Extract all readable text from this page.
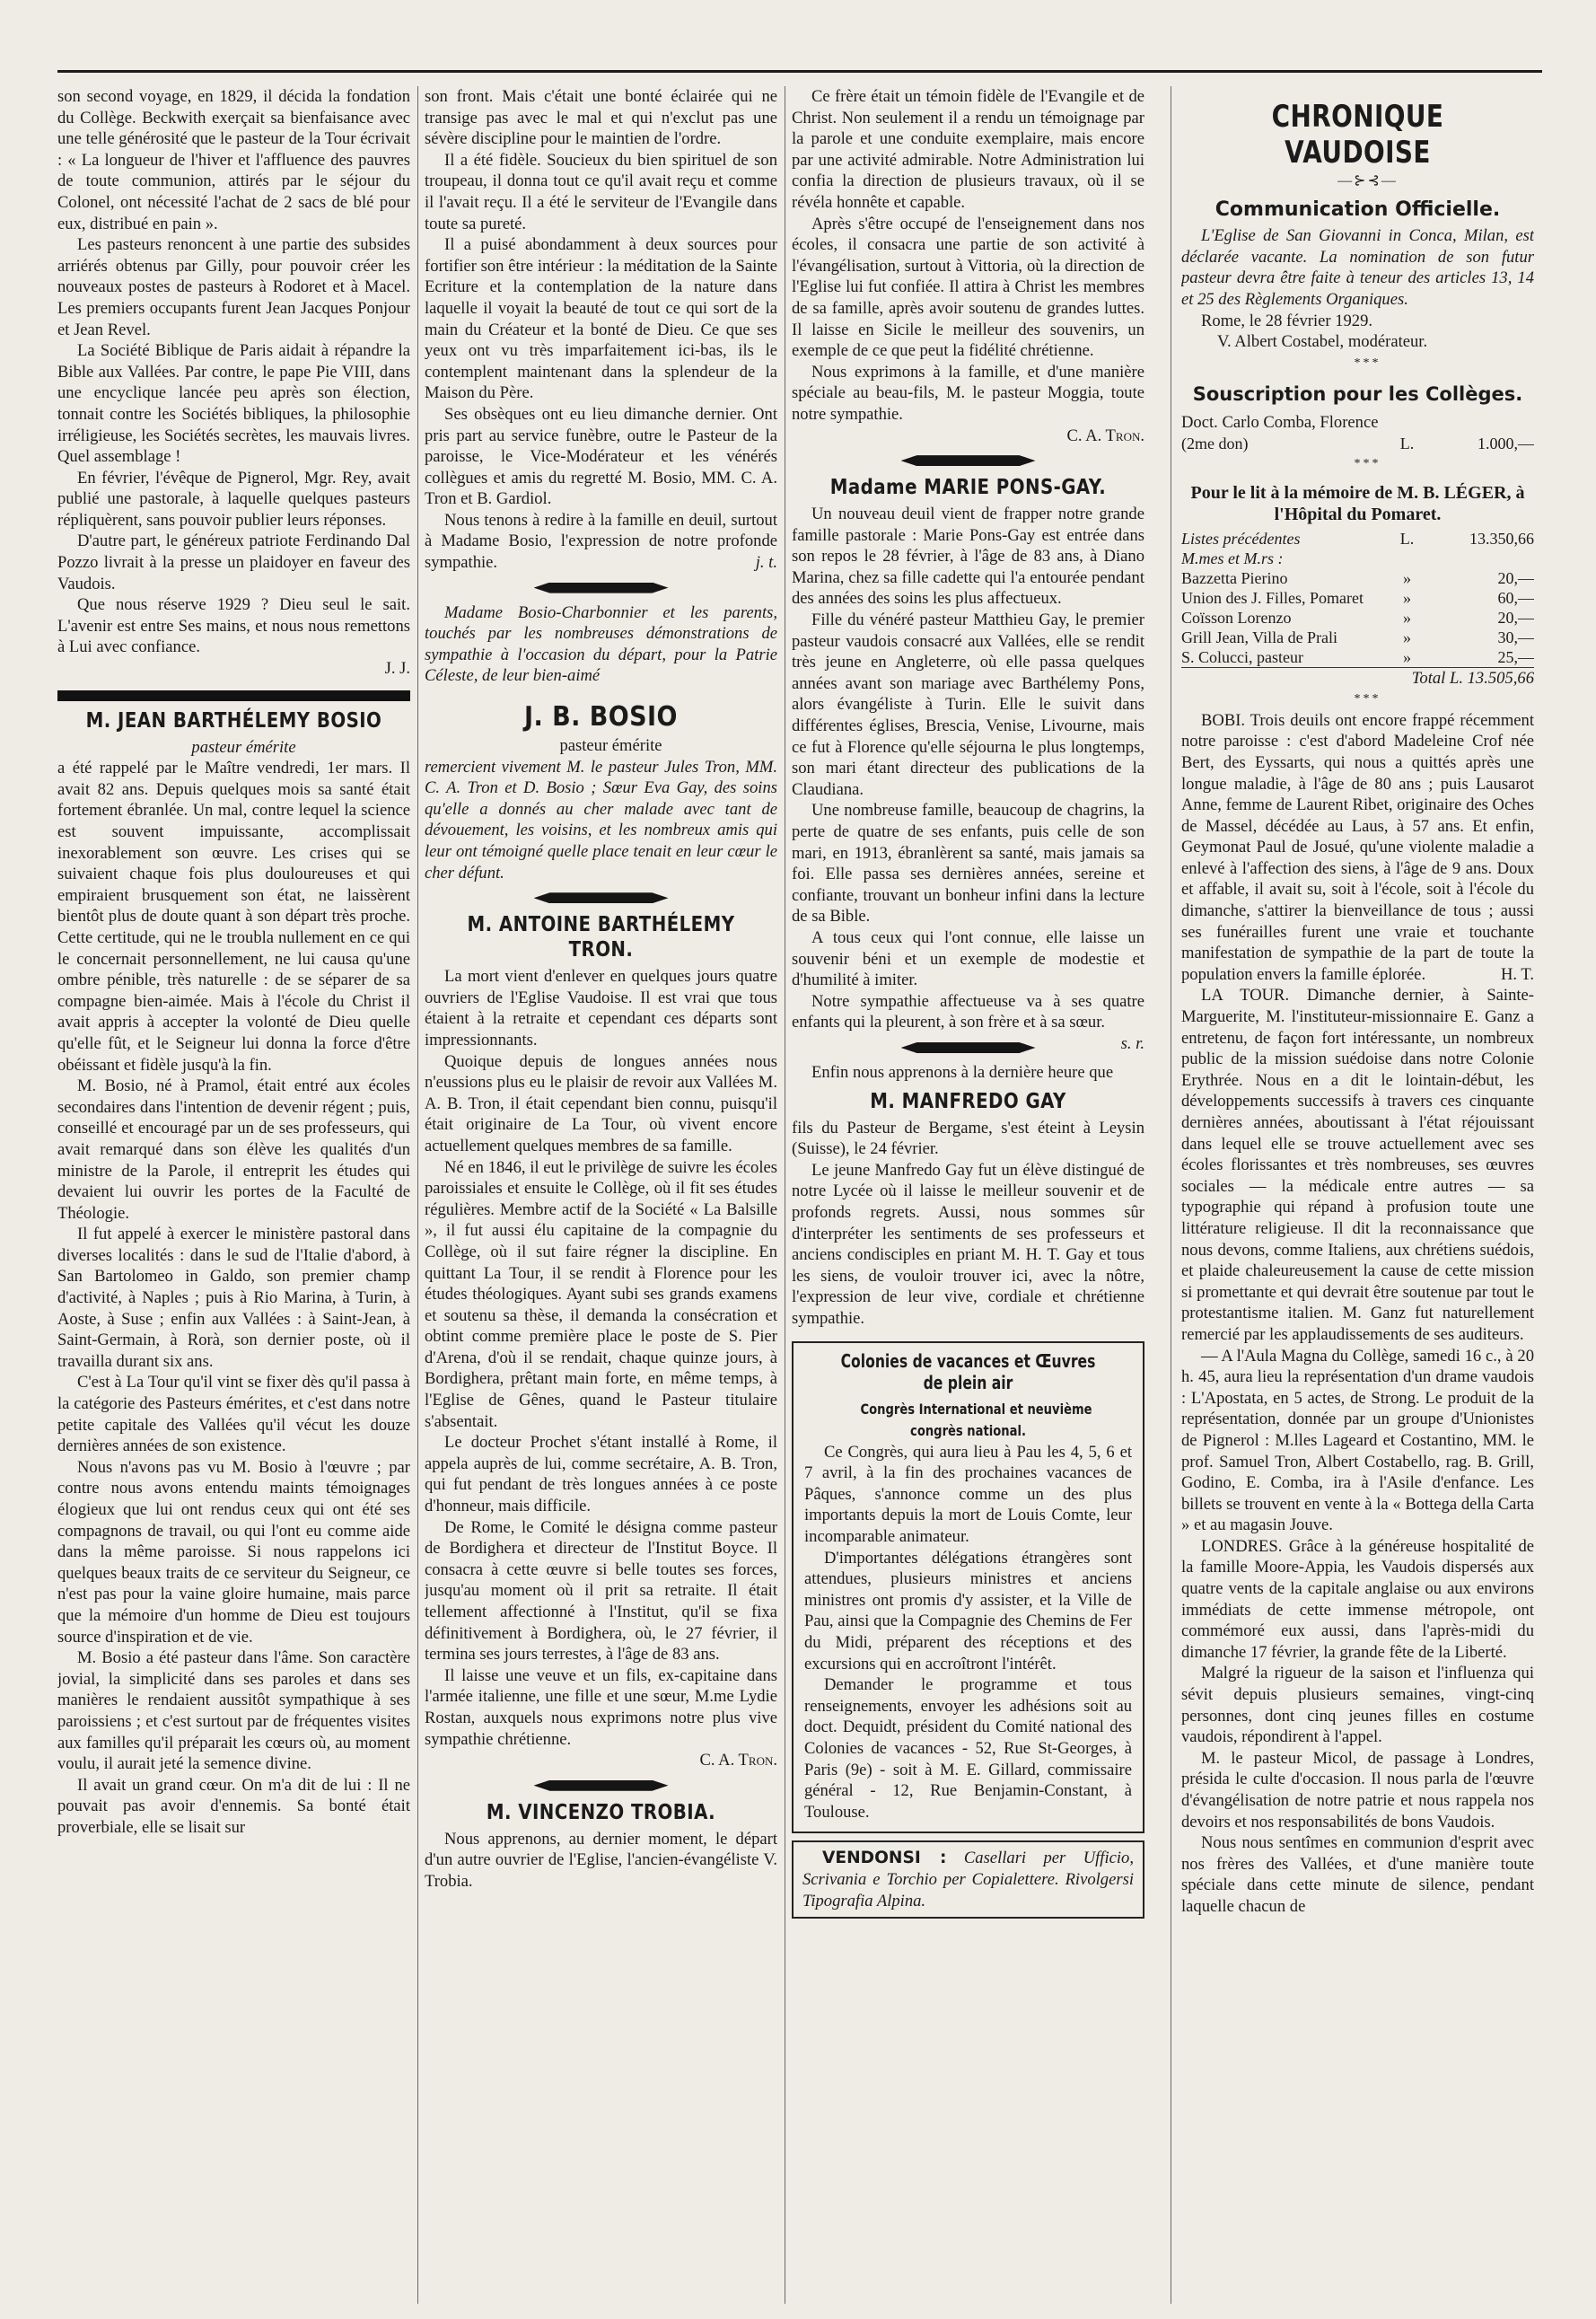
son second voyage, en 1829, il décida la fondation du Collège. Beckwith exerçait sa bienfaisance avec une telle générosité que le pasteur de la Tour écrivait : « La longueur de l'hiver et l'affluence des pauvres de toute communion, attirés par le séjour du Colonel, ont nécessité l'achat de 2 sacs de blé pour eux, distribué en pain ».

Les pasteurs renoncent à une partie des subsides arriérés obtenus par Gilly, pour pouvoir créer les nouveaux postes de pasteurs à Rodoret et à Macel. Les premiers occupants furent Jean Jacques Ponjour et Jean Revel.

La Société Biblique de Paris aidait à répandre la Bible aux Vallées. Par contre, le pape Pie VIII, dans une encyclique lancée peu après son élection, tonnait contre les Sociétés bibliques, la philosophie irréligieuse, les Sociétés secrètes, les mauvais livres. Quel assemblage !

En février, l'évêque de Pignerol, Mgr. Rey, avait publié une pastorale, à laquelle quelques pasteurs répliquèrent, sans pouvoir publier leurs réponses.

D'autre part, le généreux patriote Ferdinando Dal Pozzo livrait à la presse un plaidoyer en faveur des Vaudois.

Que nous réserve 1929 ? Dieu seul le sait. L'avenir est entre Ses mains, et nous nous remettons à Lui avec confiance.

J. J.

M. JEAN BARTHÉLEMY BOSIO

pasteur émérite

a été rappelé par le Maître vendredi, 1er mars. Il avait 82 ans. Depuis quelques mois sa santé était fortement ébranlée. Un mal, contre lequel la science est souvent impuissante, accomplissait inexorablement son œuvre. Les crises qui se suivaient chaque fois plus douloureuses et qui empiraient brusquement son état, ne laissèrent bientôt plus de doute quant à son départ très proche. Cette certitude, qui ne le troubla nullement en ce qui le concernait personnellement, ne lui causa qu'une ombre pénible, très naturelle : de se séparer de sa compagne bien-aimée. Mais à l'école du Christ il avait appris à accepter la volonté de Dieu quelle qu'elle fût, et le Seigneur lui donna la force d'être obéissant et fidèle jusqu'à la fin.

M. Bosio, né à Pramol, était entré aux écoles secondaires dans l'intention de devenir régent ; puis, conseillé et encouragé par un de ses professeurs, qui avait remarqué dans son élève les qualités d'un ministre de la Parole, il entreprit les études qui devaient lui ouvrir les portes de la Faculté de Théologie.

Il fut appelé à exercer le ministère pastoral dans diverses localités : dans le sud de l'Italie d'abord, à San Bartolomeo in Galdo, son premier champ d'activité, à Naples ; puis à Rio Marina, à Turin, à Aoste, à Suse ; enfin aux Vallées : à Saint-Jean, à Saint-Germain, à Rorà, son dernier poste, où il travailla durant six ans.

C'est à La Tour qu'il vint se fixer dès qu'il passa à la catégorie des Pasteurs émérites, et c'est dans notre petite capitale des Vallées qu'il vécut les douze dernières années de son existence.

Nous n'avons pas vu M. Bosio à l'œuvre ; par contre nous avons entendu maints témoignages élogieux que lui ont rendus ceux qui ont été ses compagnons de travail, ou qui l'ont eu comme aide dans la même paroisse. Si nous rappelons ici quelques beaux traits de ce serviteur du Seigneur, ce n'est pas pour la vaine gloire humaine, mais parce que la mémoire d'un homme de Dieu est toujours source d'inspiration et de vie.

M. Bosio a été pasteur dans l'âme. Son caractère jovial, la simplicité dans ses paroles et dans ses manières le rendaient aussitôt sympathique à ses paroissiens ; et c'est surtout par de fréquentes visites aux familles qu'il préparait les cœurs où, au moment voulu, il aurait jeté la semence divine.

Il avait un grand cœur. On m'a dit de lui : Il ne pouvait pas avoir d'ennemis. Sa bonté était proverbiale, elle se lisait sur

son front. Mais c'était une bonté éclairée qui ne transige pas avec le mal et qui n'exclut pas une sévère discipline pour le maintien de l'ordre.

Il a été fidèle. Soucieux du bien spirituel de son troupeau, il donna tout ce qu'il avait reçu et comme il l'avait reçu. Il a été le serviteur de l'Evangile dans toute sa pureté.

Il a puisé abondamment à deux sources pour fortifier son être intérieur : la méditation de la Sainte Ecriture et la contemplation de la nature dans laquelle il voyait la beauté de tout ce qui sort de la main du Créateur et la bonté de Dieu. Ce que ses yeux ont vu très imparfaitement ici-bas, ils le contemplent maintenant dans la splendeur de la Maison du Père.

Ses obsèques ont eu lieu dimanche dernier. Ont pris part au service funèbre, outre le Pasteur de la paroisse, le Vice-Modérateur et les vénérés collègues et amis du regretté M. Bosio, MM. C. A. Tron et B. Gardiol.

Nous tenons à redire à la famille en deuil, surtout à Madame Bosio, l'expression de notre profonde sympathie.	j. t.

Madame Bosio-Charbonnier et les parents, touchés par les nombreuses démonstrations de sympathie à l'occasion du départ, pour la Patrie Céleste, de leur bien-aimé

J. B. BOSIO

pasteur émérite

remercient vivement M. le pasteur Jules Tron, MM. C. A. Tron et D. Bosio ; Sœur Eva Gay, des soins qu'elle a donnés au cher malade avec tant de dévouement, les voisins, et les nombreux amis qui leur ont témoigné quelle place tenait en leur cœur le cher défunt.

M. ANTOINE BARTHÉLEMY TRON.

La mort vient d'enlever en quelques jours quatre ouvriers de l'Eglise Vaudoise. Il est vrai que tous étaient à la retraite et cependant ces départs sont impressionnants.

Quoique depuis de longues années nous n'eussions plus eu le plaisir de revoir aux Vallées M. A. B. Tron, il était cependant bien connu, puisqu'il était originaire de La Tour, où vivent encore actuellement quelques membres de sa famille.

Né en 1846, il eut le privilège de suivre les écoles paroissiales et ensuite le Collège, où il fit ses études régulières. Membre actif de la Société « La Balsille », il fut aussi élu capitaine de la compagnie du Collège, où il sut faire régner la discipline. En quittant La Tour, il se rendit à Florence pour les études théologiques. Ayant subi ses grands examens et soutenu sa thèse, il demanda la consécration et obtint comme première place le poste de S. Pier d'Arena, d'où il se rendait, chaque quinze jours, à Bordighera, prêtant main forte, en même temps, à l'Eglise de Gênes, quand le Pasteur titulaire s'absentait.

Le docteur Prochet s'étant installé à Rome, il appela auprès de lui, comme secrétaire, A. B. Tron, qui fut pendant de très longues années à ce poste d'honneur, mais difficile.

De Rome, le Comité le désigna comme pasteur de Bordighera et directeur de l'Institut Boyce. Il consacra à cette œuvre si belle toutes ses forces, jusqu'au moment où il prit sa retraite. Il était tellement affectionné à l'Institut, qu'il se fixa définitivement à Bordighera, où, le 27 février, il termina ses jours terrestes, à l'âge de 83 ans.

Il laisse une veuve et un fils, ex-capitaine dans l'armée italienne, une fille et une sœur, M.me Lydie Rostan, auxquels nous exprimons notre plus vive sympathie chrétienne.

C. A. Tron.

M. VINCENZO TROBIA.

Nous apprenons, au dernier moment, le départ d'un autre ouvrier de l'Eglise, l'ancien-évangéliste V. Trobia.

Ce frère était un témoin fidèle de l'Evangile et de Christ. Non seulement il a rendu un témoignage par la parole et une conduite exemplaire, mais encore par une activité admirable. Notre Administration lui confia la direction de plusieurs travaux, où il se révéla honnête et capable.

Après s'être occupé de l'enseignement dans nos écoles, il consacra une partie de son activité à l'évangélisation, surtout à Vittoria, où la direction de l'Eglise lui fut confiée. Il attira à Christ les membres de sa famille, après avoir soutenu de grandes luttes. Il laisse en Sicile le meilleur des souvenirs, un exemple de ce que peut la fidélité chrétienne.

Nous exprimons à la famille, et d'une manière spéciale au beau-fils, M. le pasteur Moggia, toute notre sympathie.

C. A. Tron.

Madame MARIE PONS-GAY.

Un nouveau deuil vient de frapper notre grande famille pastorale : Marie Pons-Gay est entrée dans son repos le 28 février, à l'âge de 83 ans, à Diano Marina, chez sa fille cadette qui l'a entourée pendant des années des soins les plus affectueux.

Fille du vénéré pasteur Matthieu Gay, le premier pasteur vaudois consacré aux Vallées, elle se rendit très jeune en Angleterre, où elle passa quelques années avant son mariage avec Barthélemy Pons, alors évangéliste à Turin. Elle le suivit dans différentes églises, Brescia, Venise, Livourne, mais ce fut à Florence qu'elle séjourna le plus longtemps, son mari étant directeur des publications de la Claudiana.

Une nombreuse famille, beaucoup de chagrins, la perte de quatre de ses enfants, puis celle de son mari, en 1913, ébranlèrent sa santé, mais jamais sa foi. Elle passa ses dernières années, sereine et confiante, trouvant un bonheur infini dans la lecture de sa Bible.

A tous ceux qui l'ont connue, elle laisse un souvenir béni et un exemple de modestie et d'humilité à imiter.

Notre sympathie affectueuse va à ses quatre enfants qui la pleurent, à son frère et à sa sœur.
s. r.

Enfin nous apprenons à la dernière heure que

M. MANFREDO GAY

fils du Pasteur de Bergame, s'est éteint à Leysin (Suisse), le 24 février.

Le jeune Manfredo Gay fut un élève distingué de notre Lycée où il laisse le meilleur souvenir et de profonds regrets. Aussi, nous sommes sûr d'interpréter les sentiments de ses professeurs et anciens condisciples en priant M. H. T. Gay et tous les siens, de vouloir trouver ici, avec la nôtre, l'expression de leur vive, cordiale et chrétienne sympathie.

Colonies de vacances et Œuvres de plein air

Congrès International et neuvième congrès national.

Ce Congrès, qui aura lieu à Pau les 4, 5, 6 et 7 avril, à la fin des prochaines vacances de Pâques, s'annonce comme un des plus importants depuis la mort de Louis Comte, leur incomparable animateur.

D'importantes délégations étrangères sont attendues, plusieurs ministres et anciens ministres ont promis d'y assister, et la Ville de Pau, ainsi que la Compagnie des Chemins de Fer du Midi, préparent des réceptions et des excursions qui en accroîtront l'intérêt.

Demander le programme et tous renseignements, envoyer les adhésions soit au doct. Dequidt, président du Comité national des Colonies de vacances - 52, Rue St-Georges, à Paris (9e) - soit à M. E. Gillard, commissaire général - 12, Rue Benjamin-Constant, à Toulouse.

VENDONSI : Casellari per Ufficio, Scrivania e Torchio per Copialettere. Rivolgersi Tipografia Alpina.

CHRONIQUE VAUDOISE

—⊱⊰—

Communication Officielle.

L'Eglise de San Giovanni in Conca, Milan, est déclarée vacante. La nomination de son futur pasteur devra être faite à teneur des articles 13, 14 et 25 des Règlements Organiques.

Rome, le 28 février 1929.

V. Albert Costabel, modérateur.

***

Souscription pour les Collèges.

Doct. Carlo Comba, Florence

(2me don)	L.	1.000,—

***

Pour le lit à la mémoire de M. B. LÉGER, à l'Hôpital du Pomaret.
Listes précédentes	L.	13.350,66
M.mes et M.rs :		
Bazzetta Pierino	»	20,—
Union des J. Filles, Pomaret	»	60,—
Coïsson Lorenzo	»	20,—
Grill Jean, Villa de Prali	»	30,—
S. Colucci, pasteur	»	25,—

Total L. 13.505,66

***

BOBI. Trois deuils ont encore frappé récemment notre paroisse : c'est d'abord Madeleine Crof née Bert, des Eyssarts, qui nous a quittés après une longue maladie, à l'âge de 80 ans ; puis Lausarot Anne, femme de Laurent Ribet, originaire des Oches de Massel, décédée au Laus, à 57 ans. Et enfin, Geymonat Paul de Josué, qu'une violente maladie a enlevé à l'affection des siens, à l'âge de 9 ans. Doux et affable, il avait su, soit à l'école, soit à l'école du dimanche, s'attirer la bienveillance de tous ; aussi ses funérailles furent une vraie et touchante manifestation de sympathie de la part de toute la population envers la famille éplorée.	H. T.

LA TOUR. Dimanche dernier, à Sainte-Marguerite, M. l'instituteur-missionnaire E. Ganz a entretenu, de façon fort intéressante, un nombreux public de la mission suédoise dans notre Colonie Erythrée. Nous en a dit le lointain-début, les développements successifs à travers ces cinquante dernières années, aboutissant à l'état réjouissant dans lequel elle se trouve actuellement avec ses écoles florissantes et très nombreuses, ses œuvres sociales — la médicale entre autres — sa typographie qui répand à profusion toute une littérature religieuse. Il dit la reconnaissance que nous devons, comme Italiens, aux chrétiens suédois, et plaide chaleureusement la cause de cette mission si promettante et qui devrait être soutenue par tout le protestantisme italien. M. Ganz fut naturellement remercié par les applaudissements de ses auditeurs.

— A l'Aula Magna du Collège, samedi 16 c., à 20 h. 45, aura lieu la représentation d'un drame vaudois : L'Apostata, en 5 actes, de Strong. Le produit de la représentation, donnée par un groupe d'Unionistes de Pignerol : M.lles Lageard et Costantino, MM. le prof. Samuel Tron, Albert Costabello, rag. B. Grill, Godino, E. Comba, ira à l'Asile d'enfance. Les billets se trouvent en vente à la « Bottega della Carta » et au magasin Jouve.

LONDRES. Grâce à la généreuse hospitalité de la famille Moore-Appia, les Vaudois dispersés aux quatre vents de la capitale anglaise ou aux environs immédiats de cette immense métropole, ont commémoré eux aussi, dans l'après-midi du dimanche 17 février, la grande fête de la Liberté.

Malgré la rigueur de la saison et l'influenza qui sévit depuis plusieurs semaines, vingt-cinq personnes, dont cinq jeunes filles en costume vaudois, répondirent à l'appel.

M. le pasteur Micol, de passage à Londres, présida le culte d'occasion. Il nous parla de l'œuvre d'évangélisation de notre patrie et nous rappela nos devoirs et nos responsabilités de bons Vaudois.

Nous nous sentîmes en communion d'esprit avec nos frères des Vallées, et d'une manière toute spéciale dans cette minute de silence, pendant laquelle chacun de
